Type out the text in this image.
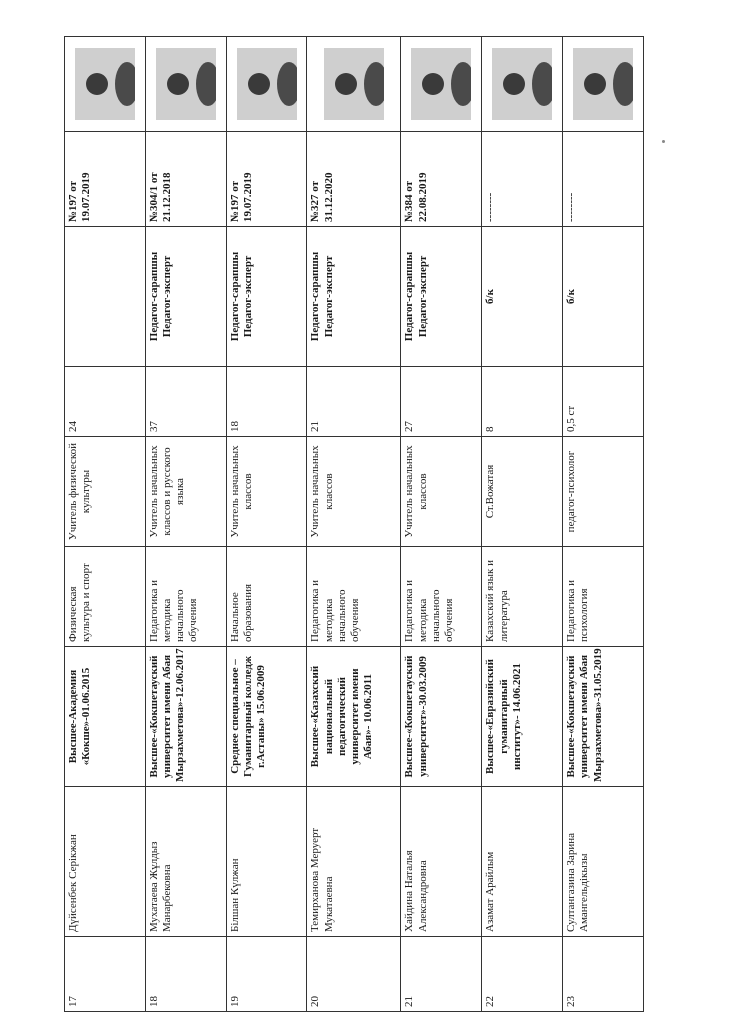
17	Дүйсенбек Серікжан	Высшее-Академия «Кокше»-01.06.2015	Физическая культура и спорт	Учитель физической культуры	24		№197 от 19.07.2019	

18	Мухатаева Жұлдыз Манарбековна	Высшее-«Кокшетауский университет имени Абая Мырзахметова»-12.06.2017	Педагогика и методика начального обучения	Учитель начальных классов и русского языка	37	Педагог-сарапшы Педагог-эксперт	№304/1 от 21.12.2018	

19	Білшан Күлжан	Среднее специальное – Гуманитарный колледж г.Астаны» 15.06.2009	Начальное образования	Учитель начальных классов	18	Педагог-сарапшы Педагог-эксперт	№197 от 19.07.2019	

20	Темирханова Меруерт Мукатаевна	Высшее-«Казахский национальный педагогический университет имени Абая»- 10.06.2011	Педагогика и методика начального обучения	Учитель начальных классов	21	Педагог-сарапшы Педагог-эксперт	№327 от 31.12.2020	

21	Хайдина Наталья Александровна	Высшее-«Кокшетауский университет»-30.03.2009	Педагогика и методика начального обучения	Учитель начальных классов	27	Педагог-сарапшы Педагог-эксперт	№384 от 22.08.2019	

22	Азамат Арайлым	Высшее-«Евразийский гуманитарный институт»- 14.06.2021	Казахский язык и литература	Ст.Вожатая	8	б/к	--------	

23	Султангазина Зарина Амангельдікызы	Высшее-«Кокшетауский университет имени Абая Мырзахметова»-31.05.2019	Педагогика и психология	педагог-психолог	0,5 ст	б/к	--------	
